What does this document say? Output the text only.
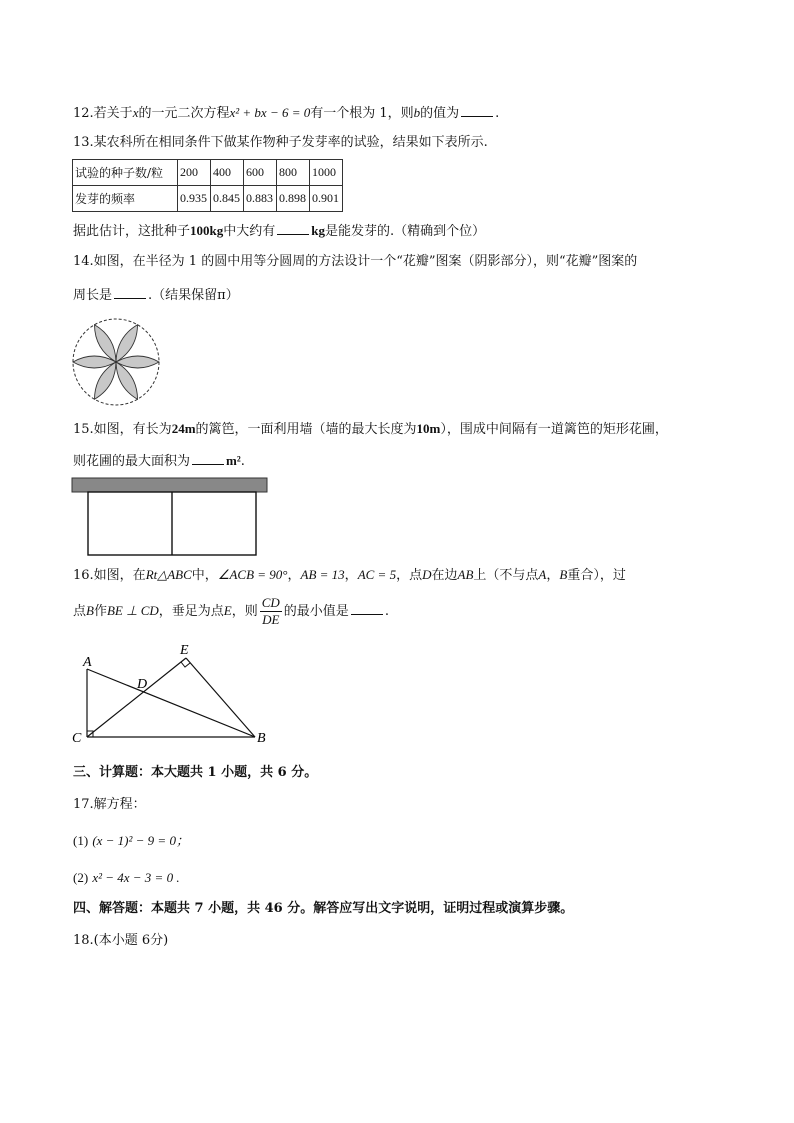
12.若关于x的一元二次方程x² + bx − 6 = 0有一个根为 1，则b的值为	.
13.某农科所在相同条件下做某作物种子发芽率的试验，结果如下表所示.
试验的种子数/粒	200	400	600	800	1000
发芽的频率	0.935	0.845	0.883	0.898	0.901
据此估计，这批种子100kg中大约有	kg是能发芽的.（精确到个位）
14.如图，在半径为 1 的圆中用等分圆周的方法设计一个“花瓣”图案（阴影部分），则“花瓣”图案的
周长是	.（结果保留π）
15.如图，有长为24m的篱笆，一面利用墙（墙的最大长度为10m），围成中间隔有一道篱笆的矩形花圃，
则花圃的最大面积为	m².
16.如图，在Rt△ABC中，∠ACB = 90°，AB = 13，AC = 5，点D在边AB上（不与点A，B重合），过
点B作BE ⊥ CD，垂足为点E，则 $\frac{CD}{DE}$ 的最小值是	.
A
C	B
D
E
三、计算题：本大题共 1 小题，共 6 分。
17.解方程：
(1) (x − 1)² − 9 = 0；
(2) x² − 4x − 3 = 0 .
四、解答题：本题共 7 小题，共 46 分。解答应写出文字说明，证明过程或演算步骤。
18.(本小题 6分)
